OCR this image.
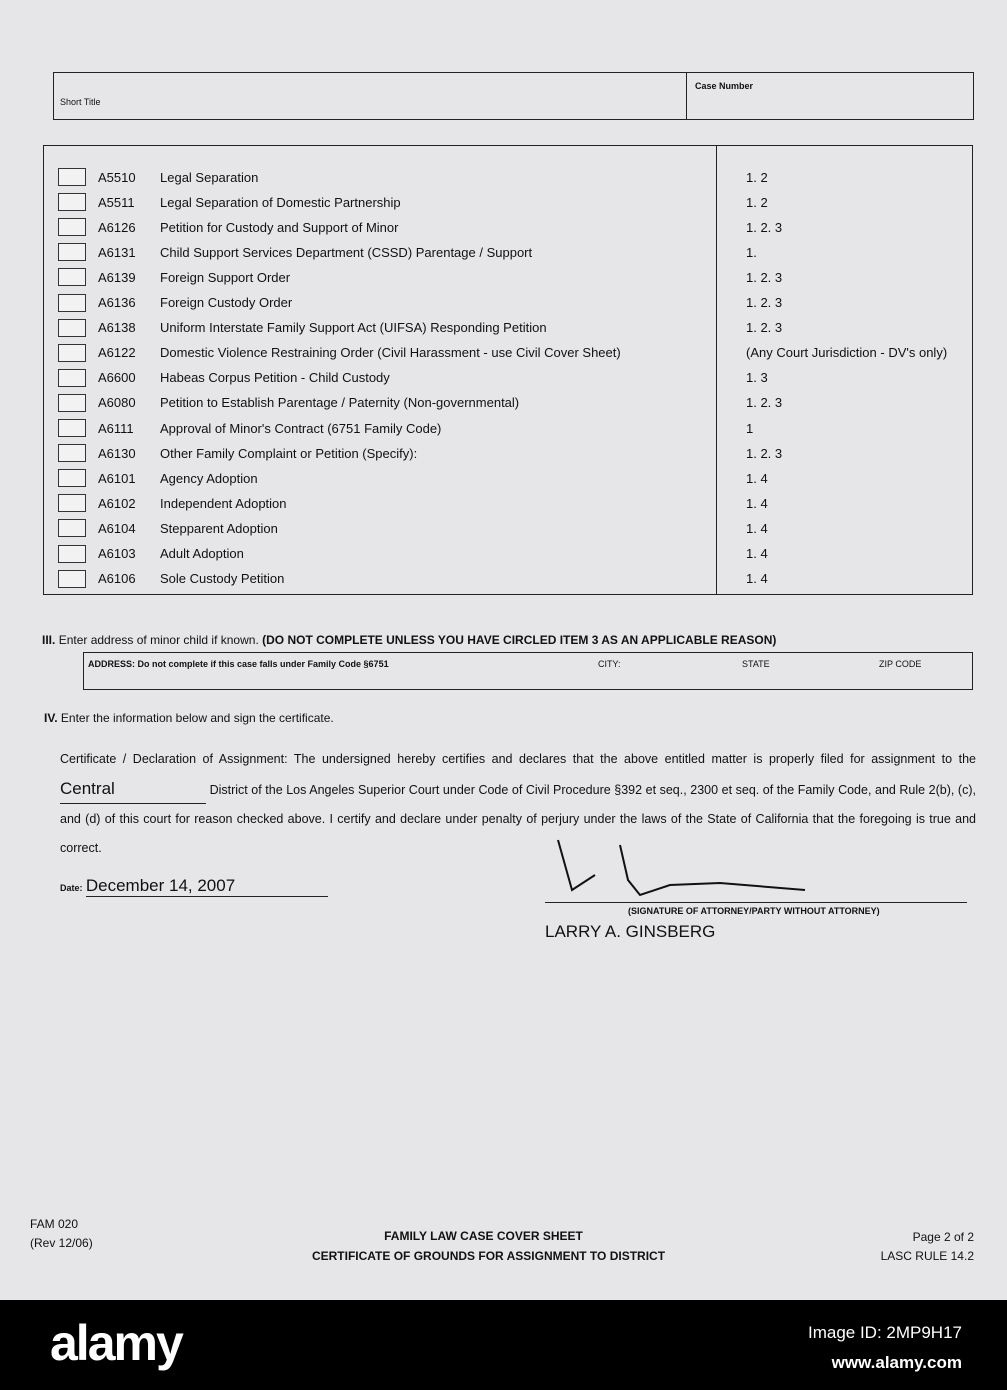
Short Title
Case Number
A5510	Legal Separation	1. 2
A5511	Legal Separation of Domestic Partnership	1. 2
A6126	Petition for Custody and Support of Minor	1. 2. 3
A6131	Child Support Services Department (CSSD) Parentage / Support	1.
A6139	Foreign Support Order	1. 2. 3
A6136	Foreign Custody Order	1. 2. 3
A6138	Uniform Interstate Family Support Act (UIFSA) Responding Petition	1. 2. 3
A6122	Domestic Violence Restraining Order (Civil Harassment - use Civil Cover Sheet)	(Any Court Jurisdiction - DV's only)
A6600	Habeas Corpus Petition - Child Custody	1. 3
A6080	Petition to Establish Parentage / Paternity (Non-governmental)	1. 2. 3
A6111	Approval of Minor's Contract (6751 Family Code)	1
A6130	Other Family Complaint or Petition (Specify):	1. 2. 3
A6101	Agency Adoption	1. 4
A6102	Independent Adoption	1. 4
A6104	Stepparent Adoption	1. 4
A6103	Adult Adoption	1. 4
A6106	Sole Custody Petition	1. 4
III. Enter address of minor child if known. (DO NOT COMPLETE UNLESS YOU HAVE CIRCLED ITEM 3 AS AN APPLICABLE REASON)
ADDRESS: Do not complete if this case falls under Family Code §6751	CITY:	STATE	ZIP CODE
IV. Enter the information below and sign the certificate.
Certificate / Declaration of Assignment: The undersigned hereby certifies and declares that the above entitled matter is properly filed for assignment to the Central	District of the Los Angeles Superior Court under Code of Civil Procedure §392 et seq., 2300 et seq. of the Family Code, and Rule 2(b), (c), and (d) of this court for reason checked above. I certify and declare under penalty of perjury under the laws of the State of California that the foregoing is true and correct.
Date: December 14, 2007
(SIGNATURE OF ATTORNEY/PARTY WITHOUT ATTORNEY)
LARRY A. GINSBERG
FAM 020
(Rev 12/06)	FAMILY LAW CASE COVER SHEET
CERTIFICATE OF GROUNDS FOR ASSIGNMENT TO DISTRICT
Page 2 of 2
LASC RULE 14.2
alamy	Image ID: 2MP9H17
www.alamy.com
